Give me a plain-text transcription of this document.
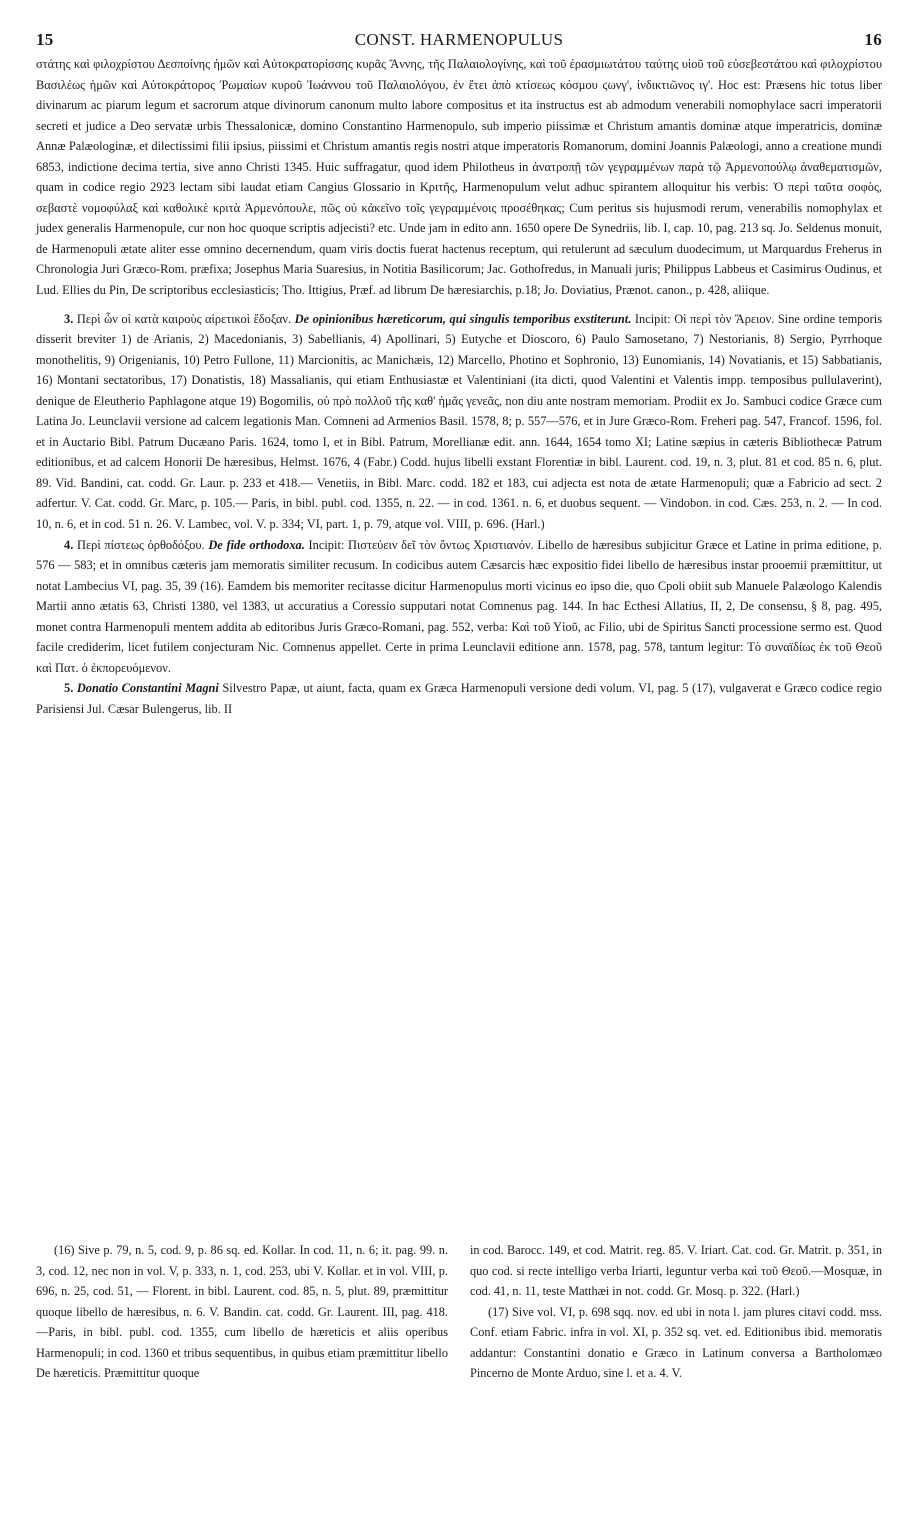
15	CONST. HARMENOPULUS	16

στάτης καὶ φιλοχρίστου Δεσποίνης ἡμῶν καὶ Αὐτοκρατορίσσης κυρᾶς Ἄννης, τῆς Παλαιολογίνης, καὶ τοῦ ἐρασμιωτάτου ταύτης υἱοῦ τοῦ εὐσεβεστάτου καὶ φιλοχρίστου Βασιλέως ἡμῶν καὶ Αὐτοκράτορος Ῥωμαίων κυροῦ Ἰωάννου τοῦ Παλαιολόγου, ἐν ἔτει ἀπὸ κτίσεως κόσμου ϛωνγ', ἰνδικτιῶνος ιγ'. Hoc est: Præsens hic totus liber divinarum ac piarum legum et sacrorum atque divinorum canonum multo labore compositus et ita instructus est ab admodum venerabili nomophylace sacri imperatorii secreti et judice a Deo servatæ urbis Thessalonicæ, domino Constantino Harmenopulo, sub imperio piissimæ et Christum amantis dominæ atque imperatricis, dominæ Annæ Palæologinæ, et dilectissimi filii ipsius, piissimi et Christum amantis regis nostri atque imperatoris Romanorum, domini Joannis Palæologi, anno a creatione mundi 6853, indictione decima tertia, sive anno Christi 1345. Huic suffragatur, quod idem Philotheus in ἀνατροπῇ τῶν γεγραμμένων παρὰ τῷ Ἀρμενοπούλῳ ἀναθεματισμῶν, quam in codice regio 2923 lectam sibi laudat etiam Cangius Glossario in Κριτῆς, Harmenopulum velut adhuc spirantem alloquitur his verbis: Ὁ περὶ ταῦτα σοφὸς, σεβαστὲ νομοφύλαξ καὶ καθολικὲ κριτὰ Ἀρμενόπουλε, πῶς οὐ κἀκεῖνο τοῖς γεγραμμένοις προσέθηκας; Cum peritus sis hujusmodi rerum, venerabilis nomophylax et judex generalis Harmenopule, cur non hoc quoque scriptis adjecisti? etc. Unde jam in edito ann. 1650 opere De Synedriis, lib. I, cap. 10, pag. 213 sq. Jo. Seldenus monuit, de Harmenopuli ætate aliter esse omnino decernendum, quam viris doctis fuerat hactenus receptum, qui retulerunt ad sæculum duodecimum, ut Marquardus Freherus in Chronologia Juri Græco-Rom. præfixa; Josephus Maria Suaresius, in Notitia Basilicorum; Jac. Gothofredus, in Manuali juris; Philippus Labbeus et Casimirus Oudinus, et Lud. Ellies du Pin, De scriptoribus ecclesiasticis; Tho. Ittigius, Præf. ad librum De hæresiarchis, p.18; Jo. Doviatius, Prænot. canon., p. 428, aliique.

3. Περὶ ὧν οἱ κατὰ καιροὺς αἱρετικοὶ ἔδοξαν. De opinionibus hæreticorum, qui singulis temporibus exstiterunt. Incipit: Οἱ περὶ τὸν Ἄρειον. Sine ordine temporis disserit breviter 1) de Arianis, 2) Macedonianis, 3) Sabellianis, 4) Apollinari, 5) Eutyche et Dioscoro, 6) Paulo Samosetano, 7) Nestorianis, 8) Sergio, Pyrrhoque monothelitis, 9) Origenianis, 10) Petro Fullone, 11) Marcionitis, ac Manichæis, 12) Marcello, Photino et Sophronio, 13) Eunomianis, 14) Novatianis, et 15) Sabbatianis, 16) Montani sectatoribus, 17) Donatistis, 18) Massalianis, qui etiam Enthusiastæ et Valentiniani (ita dicti, quod Valentini et Valentis impp. temposibus pullulaverint), denique de Eleutherio Paphlagone atque 19) Bogomilis, οὐ πρὸ πολλοῦ τῆς καθ' ἡμᾶς γενεᾶς, non diu ante nostram memoriam. Prodiit ex Jo. Sambuci codice Græce cum Latina Jo. Leunclavii versione ad calcem legationis Man. Comneni ad Armenios Basil. 1578, 8; p. 557—576, et in Jure Græco-Rom. Freheri pag. 547, Francof. 1596, fol. et in Auctario Bibl. Patrum Ducæano Paris. 1624, tomo I, et in Bibl. Patrum, Morellianæ edit. ann. 1644, 1654 tomo XI; Latine sæpius in cæteris Bibliothecæ Patrum editionibus, et ad calcem Honorii De hæresibus, Helmst. 1676, 4 (Fabr.) Codd. hujus libelli exstant Florentiæ in bibl. Laurent. cod. 19, n. 3, plut. 81 et cod. 85 n. 6, plut. 89. Vid. Bandini, cat. codd. Gr. Laur. p. 233 et 418.— Venetiis, in Bibl. Marc. codd. 182 et 183, cui adjecta est nota de ætate Harmenopuli; quæ a Fabricio ad sect. 2 adfertur. V. Cat. codd. Gr. Marc, p. 105.— Paris, in bibl. publ. cod. 1355, n. 22. — in cod. 1361. n. 6, et duobus sequent. — Vindobon. in cod. Cæs. 253, n. 2. — In cod. 10, n. 6, et in cod. 51 n. 26. V. Lambec, vol. V. p. 334; VI, part. 1, p. 79, atque vol. VIII, p. 696. (Harl.)

4. Περὶ πίστεως ὀρθοδόξου. De fide orthodoxa. Incipit: Πιστεύειν δεῖ τὸν ὄντως Χριστιανόν. Libello de hæresibus subjicitur Græce et Latine in prima editione, p. 576 — 583; et in omnibus cæteris jam memoratis similiter recusum. In codicibus autem Cæsarcis hæc expositio fidei libello de hæresibus instar prooemii præmittitur, ut notat Lambecius VI, pag. 35, 39 (16). Eamdem bis memoriter recitasse dicitur Harmenopulus morti vicinus eo ipso die, quo Cpoli obiit sub Manuele Palæologo Kalendis Martii anno ætatis 63, Christi 1380, vel 1383, ut accuratius a Coressio supputari notat Comnenus pag. 144. In hac Ecthesi Allatius, II, 2, De consensu, § 8, pag. 495, monet contra Harmenopuli mentem addita ab editoribus Juris Græco-Romani, pag. 552, verba: Καὶ τοῦ Υἱοῦ, ac Filio, ubi de Spiritus Sancti processione sermo est. Quod facile crediderim, licet futilem conjecturam Nic. Comnenus appellet. Certe in prima Leunclavii editione ann. 1578, pag. 578, tantum legitur: Τὸ συναϊδίως ἐκ τοῦ Θεοῦ καὶ Πατ. ὁ ἐκπορευόμενον.

5. Donatio Constantini Magni Silvestro Papæ, ut aiunt, facta, quam ex Græca Harmenopuli versione dedi volum. VI, pag. 5 (17), vulgaverat e Græco codice regio Parisiensi Jul. Cæsar Bulengerus, lib. II

(16) Sive p. 79, n. 5, cod. 9, p. 86 sq. ed. Kollar. In cod. 11, n. 6; it. pag. 99. n. 3, cod. 12, nec non in vol. V, p. 333, n. 1, cod. 253, ubi V. Kollar. et in vol. VIII, p. 696, n. 25, cod. 51, — Florent. in bibl. Laurent. cod. 85, n. 5, plut. 89, præmittitur quoque libello de hæresibus, n. 6. V. Bandin. cat. codd. Gr. Laurent. III, pag. 418. —Paris, in bibl. publ. cod. 1355, cum libello de hæreticis et aliis operibus Harmenopuli; in cod. 1360 et tribus sequentibus, in quibus etiam præmittitur libello De hæreticis. Præmittitur quoque

in cod. Barocc. 149, et cod. Matrit. reg. 85. V. Iriart. Cat. cod. Gr. Matrit. p. 351, in quo cod. si recte intelligo verba Iriarti, leguntur verba καὶ τοῦ Θεοῦ.—Mosquæ, in cod. 41, n. 11, teste Matthæi in not. codd. Gr. Mosq. p. 322. (Harl.)

(17) Sive vol. VI, p. 698 sqq. nov. ed ubi in nota l. jam plures citavi codd. mss. Conf. etiam Fabric. infra in vol. XI, p. 352 sq. vet. ed. Editionibus ibid. memoratis addantur: Constantini donatio e Græco in Latinum conversa a Bartholomæo Pincerno de Monte Arduo, sine l. et a. 4. V.
